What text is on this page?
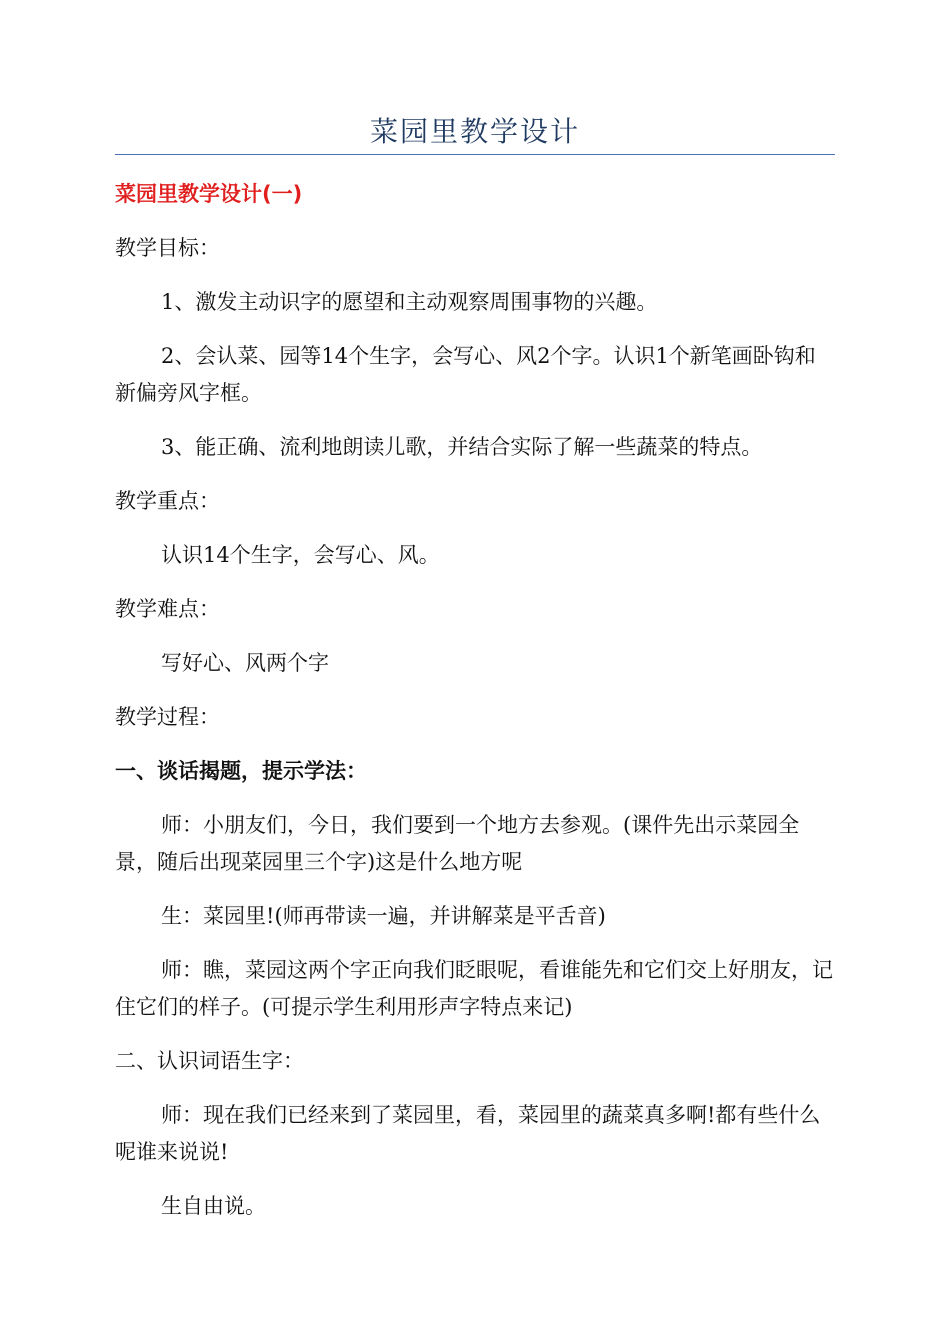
菜园里教学设计

菜园里教学设计(一)

教学目标：

1、激发主动识字的愿望和主动观察周围事物的兴趣。

2、会认菜、园等14个生字，会写心、风2个字。认识1个新笔画卧钩和新偏旁风字框。

3、能正确、流利地朗读儿歌，并结合实际了解一些蔬菜的特点。

教学重点：

认识14个生字，会写心、风。

教学难点：

写好心、风两个字

教学过程：

一、谈话揭题，提示学法：

师：小朋友们，今日，我们要到一个地方去参观。(课件先出示菜园全景，随后出现菜园里三个字)这是什么地方呢

生：菜园里!(师再带读一遍，并讲解菜是平舌音)

师：瞧，菜园这两个字正向我们眨眼呢，看谁能先和它们交上好朋友，记住它们的样子。(可提示学生利用形声字特点来记)

二、认识词语生字：

师：现在我们已经来到了菜园里，看，菜园里的蔬菜真多啊!都有些什么呢谁来说说!

生自由说。
